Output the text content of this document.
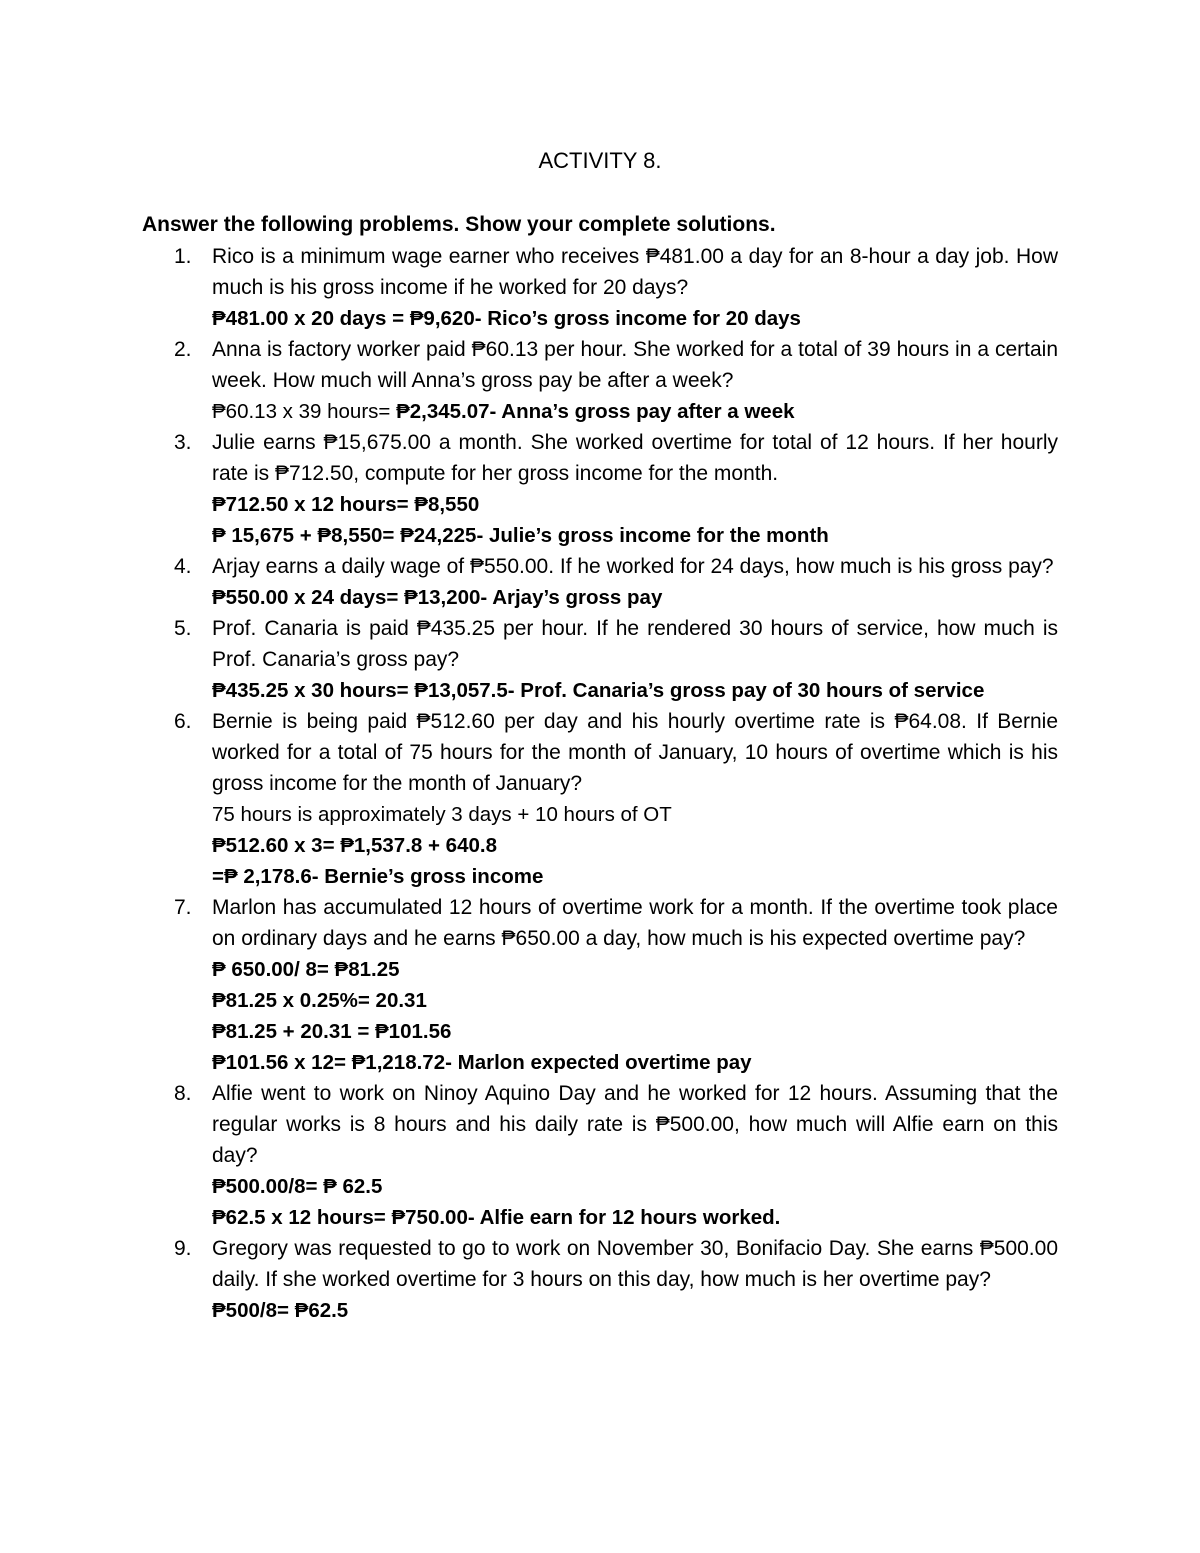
ACTIVITY 8.

Answer the following problems. Show your complete solutions.

1. Rico is a minimum wage earner who receives ₱481.00 a day for an 8-hour a day job. How much is his gross income if he worked for 20 days?
₱481.00 x 20 days = ₱9,620- Rico’s gross income for 20 days
2. Anna is factory worker paid ₱60.13 per hour. She worked for a total of 39 hours in a certain week. How much will Anna’s gross pay be after a week?
₱60.13 x 39 hours= ₱2,345.07- Anna’s gross pay after a week
3. Julie earns ₱15,675.00 a month. She worked overtime for total of 12 hours. If her hourly rate is ₱712.50, compute for her gross income for the month.
₱712.50 x 12 hours= ₱8,550
₱ 15,675 + ₱8,550= ₱24,225- Julie’s gross income for the month
4. Arjay earns a daily wage of ₱550.00. If he worked for 24 days, how much is his gross pay?
₱550.00 x 24 days= ₱13,200- Arjay’s gross pay
5. Prof. Canaria is paid ₱435.25 per hour. If he rendered 30 hours of service, how much is Prof. Canaria’s gross pay?
₱435.25 x 30 hours= ₱13,057.5- Prof. Canaria’s gross pay of 30 hours of service
6. Bernie is being paid ₱512.60 per day and his hourly overtime rate is ₱64.08. If Bernie worked for a total of 75 hours for the month of January, 10 hours of overtime which is his gross income for the month of January?
75 hours is approximately 3 days + 10 hours of OT
₱512.60 x 3= ₱1,537.8 + 640.8
=₱ 2,178.6- Bernie’s gross income
7. Marlon has accumulated 12 hours of overtime work for a month. If the overtime took place on ordinary days and he earns ₱650.00 a day, how much is his expected overtime pay?
₱ 650.00/ 8= ₱81.25
₱81.25 x 0.25%= 20.31
₱81.25 + 20.31 = ₱101.56
₱101.56 x 12= ₱1,218.72- Marlon expected overtime pay
8. Alfie went to work on Ninoy Aquino Day and he worked for 12 hours. Assuming that the regular works is 8 hours and his daily rate is ₱500.00, how much will Alfie earn on this day?
₱500.00/8= ₱ 62.5
₱62.5 x 12 hours= ₱750.00- Alfie earn for 12 hours worked.
9. Gregory was requested to go to work on November 30, Bonifacio Day. She earns ₱500.00 daily. If she worked overtime for 3 hours on this day, how much is her overtime pay?
₱500/8= ₱62.5
